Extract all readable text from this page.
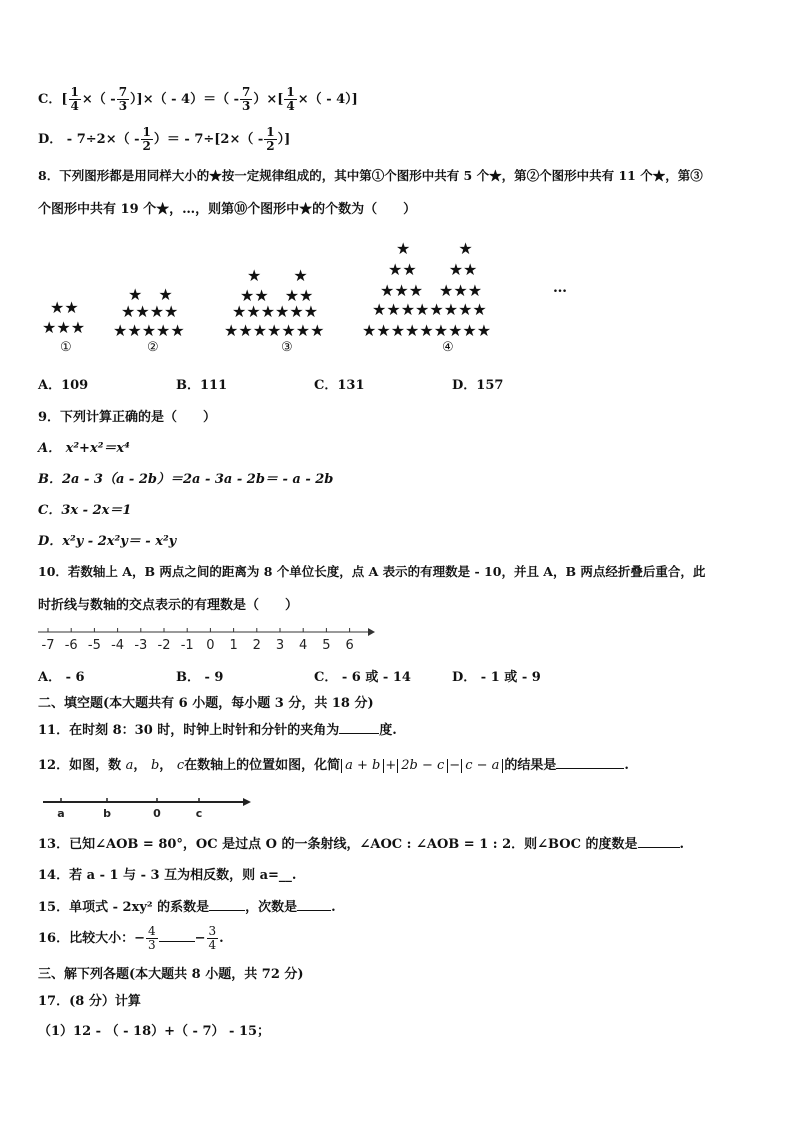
C．[ $\frac{1}{4}$ ×（ - $\frac{7}{3}$ ）]×（ - $4)=( - \frac{7}{3}$ ）×[ $\frac{1}{4}$ ×（ - 4）]
D． - $7\div 2\times( - \frac{1}{2}$ ）＝ - $7\div[2\times( - \frac{1}{2}$ ）]
8．下列图形都是用同样大小的★按一定规律组成的，其中第①个图形中共有 5 个★，第②个图形中共有 11 个★，第③
个图形中共有 19 个★，…，则第⑩个图形中★的个数为（　　）
★★
★★★
①
★　★
★★★★
★★★★★
②
★　　★
★★　★★
★★★★★★
★★★★★★★
③
★　　　★
★★　　★★
★★★　★★★
★★★★★★★★
★★★★★★★★★
④
…
A．109	B．111	C．131	D．157
9．下列计算正确的是（　　）
A． x²+x²＝x⁴
B．2a - 3（a - 2b）＝2a - 3a - 2b＝ - a - 2b
C．3x - 2x＝1
D．x²y - 2x²y＝ - x²y
10．若数轴上 A，B 两点之间的距离为 8 个单位长度，点 A 表示的有理数是 - 10，并且 A，B 两点经折叠后重合，此
时折线与数轴的交点表示的有理数是（　　）
-7 -6 -5 -4 -3 -2 -1 0 1 2 3 4 5 6
A． - 6	B． - 9	C． - 6 或 - 14	D． - 1 或 - 9
二、填空题(本大题共有 6 小题，每小题 3 分，共 18 分)
11．在时刻 8：30 时，时钟上时针和分针的夹角为	度.
12．如图，数 a， b， c在数轴上的位置如图，化简 a + b + 2b − c − c − a 的结果是	.
a	b	0	c
13．已知∠AOB = 80°，OC 是过点 O 的一条射线，∠AOC : ∠AOB = 1 : 2．则∠BOC 的度数是	.
14．若 a - 1 与 - 3 互为相反数，则 a=__.
15．单项式 - 2xy² 的系数是	，次数是	.
16．比较大小：− $\frac{4}{3}$	− $\frac{3}{4}$ .
三、解下列各题(本大题共 8 小题，共 72 分)
17．(8 分）计算
（1）12 - （ - 18）+（ - 7） - 15；
